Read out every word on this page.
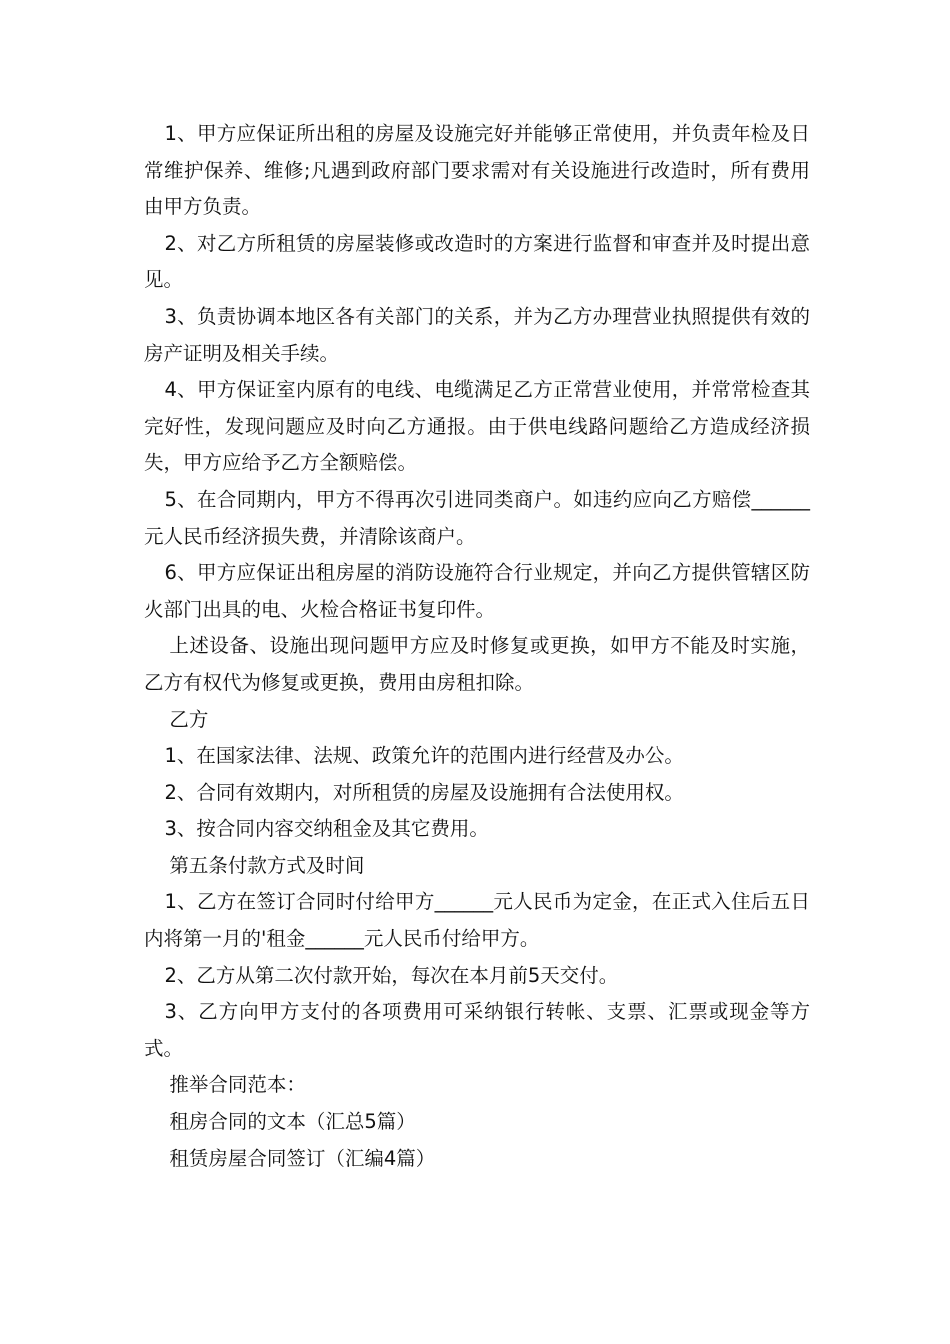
1、甲方应保证所出租的房屋及设施完好并能够正常使用，并负责年检及日常维护保养、维修;凡遇到政府部门要求需对有关设施进行改造时，所有费用由甲方负责。

2、对乙方所租赁的房屋装修或改造时的方案进行监督和审查并及时提出意见。

3、负责协调本地区各有关部门的关系，并为乙方办理营业执照提供有效的房产证明及相关手续。

4、甲方保证室内原有的电线、电缆满足乙方正常营业使用，并常常检查其完好性，发现问题应及时向乙方通报。由于供电线路问题给乙方造成经济损失，甲方应给予乙方全额赔偿。

5、在合同期内，甲方不得再次引进同类商户。如违约应向乙方赔偿______元人民币经济损失费，并清除该商户。

6、甲方应保证出租房屋的消防设施符合行业规定，并向乙方提供管辖区防火部门出具的电、火检合格证书复印件。

上述设备、设施出现问题甲方应及时修复或更换，如甲方不能及时实施，乙方有权代为修复或更换，费用由房租扣除。

乙方

1、在国家法律、法规、政策允许的范围内进行经营及办公。

2、合同有效期内，对所租赁的房屋及设施拥有合法使用权。

3、按合同内容交纳租金及其它费用。

第五条付款方式及时间

1、乙方在签订合同时付给甲方______元人民币为定金，在正式入住后五日内将第一月的'租金______元人民币付给甲方。

2、乙方从第二次付款开始，每次在本月前5天交付。

3、乙方向甲方支付的各项费用可采纳银行转帐、支票、汇票或现金等方式。

推举合同范本：

租房合同的文本（汇总5篇）

租赁房屋合同签订（汇编4篇）
